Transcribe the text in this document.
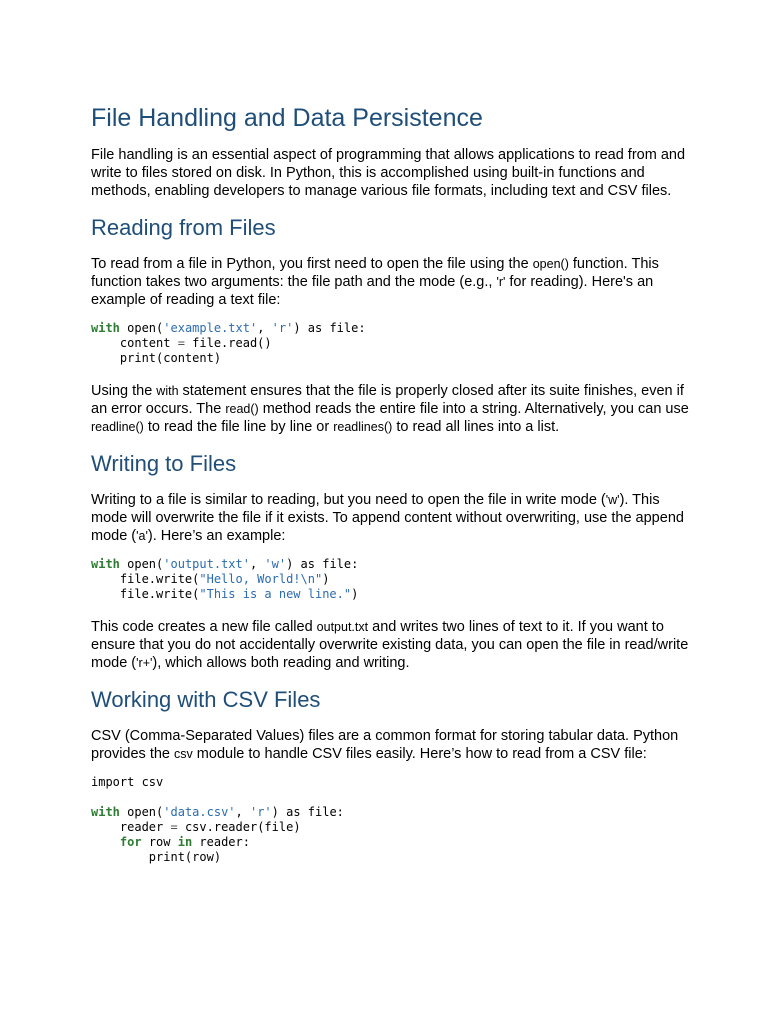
File Handling and Data Persistence

File handling is an essential aspect of programming that allows applications to read from and write to files stored on disk. In Python, this is accomplished using built-in functions and methods, enabling developers to manage various file formats, including text and CSV files.

Reading from Files

To read from a file in Python, you first need to open the file using the open() function. This function takes two arguments: the file path and the mode (e.g., 'r' for reading). Here's an example of reading a text file:

with open('example.txt', 'r') as file:
content = file.read()
print(content)

Using the with statement ensures that the file is properly closed after its suite finishes, even if an error occurs. The read() method reads the entire file into a string. Alternatively, you can use readline() to read the file line by line or readlines() to read all lines into a list.

Writing to Files

Writing to a file is similar to reading, but you need to open the file in write mode ('w'). This mode will overwrite the file if it exists. To append content without overwriting, use the append mode ('a'). Here’s an example:

with open('output.txt', 'w') as file:
file.write("Hello, World!\n")
file.write("This is a new line.")

This code creates a new file called output.txt and writes two lines of text to it. If you want to ensure that you do not accidentally overwrite existing data, you can open the file in read/write mode ('r+'), which allows both reading and writing.

Working with CSV Files

CSV (Comma-Separated Values) files are a common format for storing tabular data. Python provides the csv module to handle CSV files easily. Here’s how to read from a CSV file:

import csv

with open('data.csv', 'r') as file:
reader = csv.reader(file)
for row in reader:
print(row)
